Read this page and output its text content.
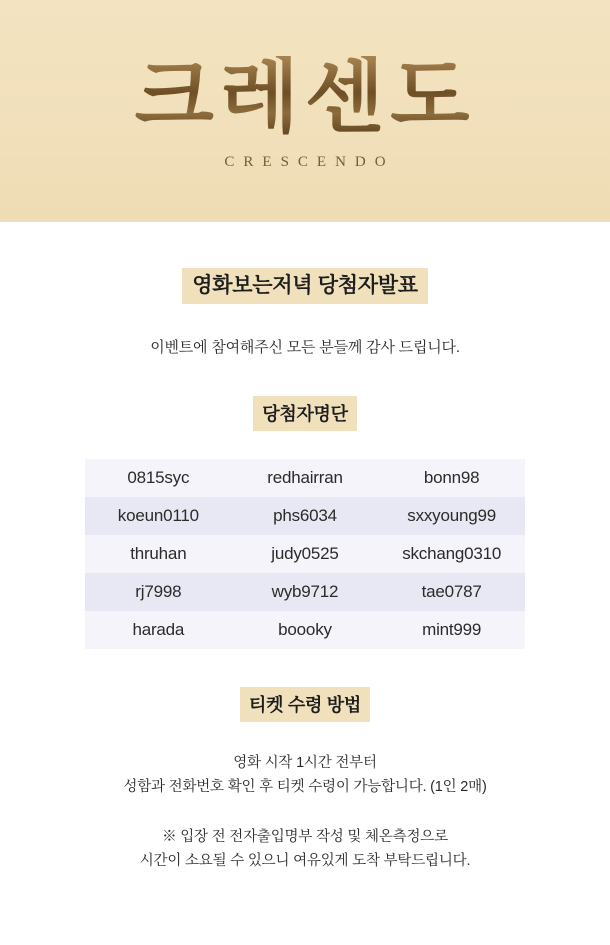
크레센도
CRESCENDO
영화보는저녁 당첨자발표
이벤트에 참여해주신 모든 분들께 감사 드립니다.
당첨자명단
0815syc	redhairran	bonn98
koeun0110	phs6034	sxxyoung99
thruhan	judy0525	skchang0310
rj7998	wyb9712	tae0787
harada	boooky	mint999
티켓 수령 방법
영화 시작 1시간 전부터
성함과 전화번호 확인 후 티켓 수령이 가능합니다. (1인 2매)
※ 입장 전 전자출입명부 작성 및 체온측정으로
시간이 소요될 수 있으니 여유있게 도착 부탁드립니다.
